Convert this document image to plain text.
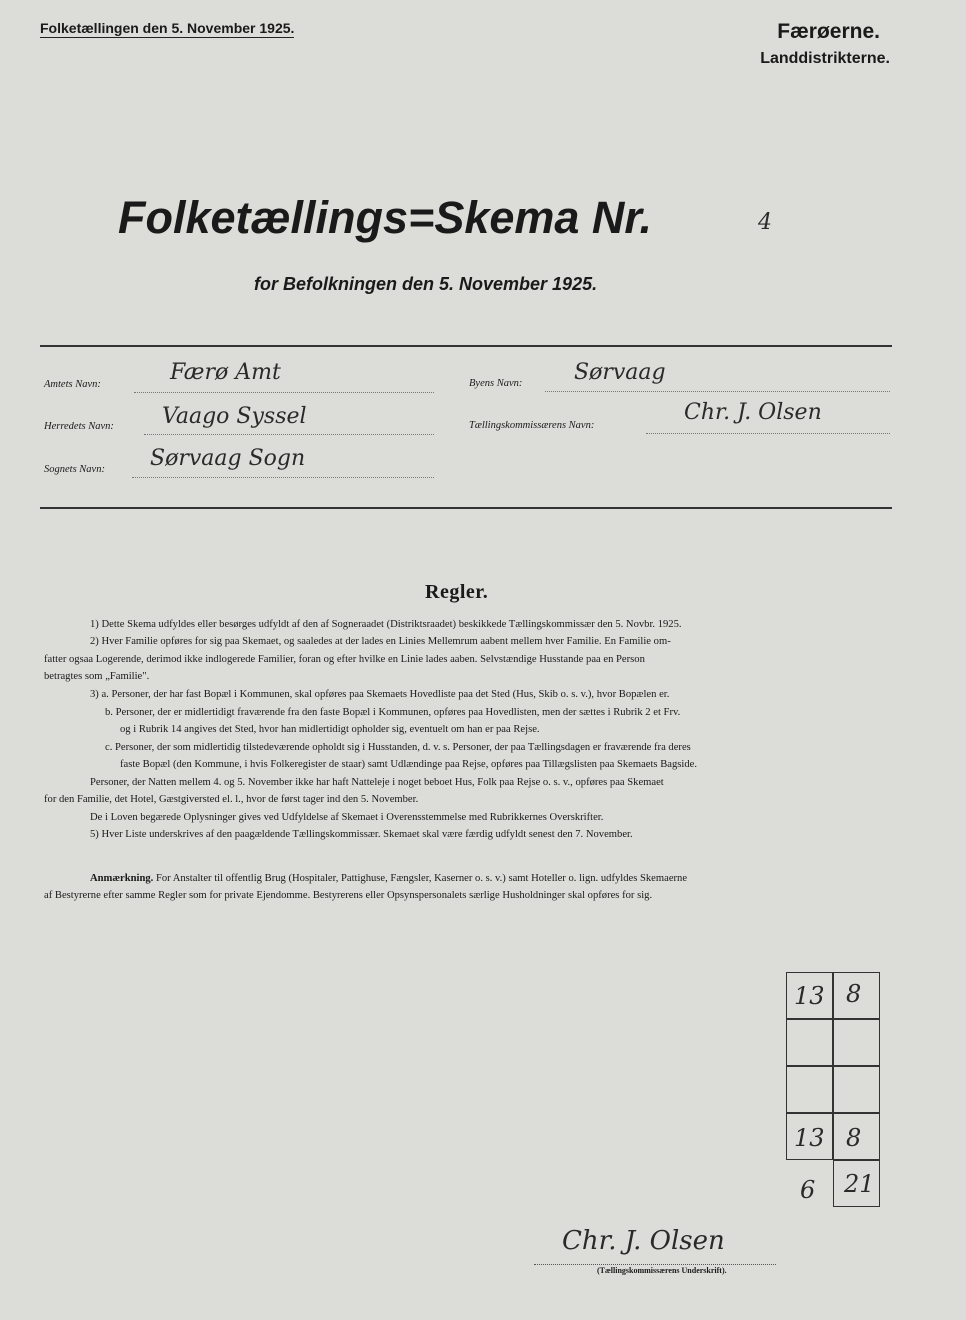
Folketællingen den 5. November 1925.	Færøerne.
Landdistrikterne.
Folketællings=Skema Nr.	4
for Befolkningen den 5. November 1925.
Amtets Navn:	Færø Amt
Herredets Navn: Vaago Syssel
Sognets Navn: Sørvaag Sogn
Byens Navn: Sørvaag
Tællingskommissærens Navn:
Chr. J. Olsen
Regler.
1) Dette Skema udfyldes eller besørges udfyldt af den af Sogneraadet (Distriktsraadet) beskikkede Tællingskommissær den 5. Novbr. 1925.
2) Hver Familie opføres for sig paa Skemaet, og saaledes at der lades en Linies Mellemrum aabent mellem hver Familie. En Familie om-
fatter ogsaa Logerende, derimod ikke indlogerede Familier, foran og efter hvilke en Linie lades aaben. Selvstændige Husstande paa en Person
betragtes som „Familie".
3) a. Personer, der har fast Bopæl i Kommunen, skal opføres paa Skemaets Hovedliste paa det Sted (Hus, Skib o. s. v.), hvor Bopælen er.
b. Personer, der er midlertidigt fraværende fra den faste Bopæl i Kommunen, opføres paa Hovedlisten, men der sættes i Rubrik 2 et Frv.
og i Rubrik 14 angives det Sted, hvor han midlertidigt opholder sig, eventuelt om han er paa Rejse.
c. Personer, der som midlertidig tilstedeværende opholdt sig i Husstanden, d. v. s. Personer, der paa Tællingsdagen er fraværende fra deres
faste Bopæl (den Kommune, i hvis Folkeregister de staar) samt Udlændinge paa Rejse, opføres paa Tillægslisten paa Skemaets Bagside.
Personer, der Natten mellem 4. og 5. November ikke har haft Natteleje i noget beboet Hus, Folk paa Rejse o. s. v., opføres paa Skemaet
for den Familie, det Hotel, Gæstgiversted el. l., hvor de først tager ind den 5. November.
De i Loven begærede Oplysninger gives ved Udfyldelse af Skemaet i Overensstemmelse med Rubrikkernes Overskrifter.
5) Hver Liste underskrives af den paagældende Tællingskommissær. Skemaet skal være færdig udfyldt senest den 7. November.
Anmærkning. For Anstalter til offentlig Brug (Hospitaler, Pattighuse, Fængsler, Kaserner o. s. v.) samt Hoteller o. lign. udfyldes Skemaerne
af Bestyrerne efter samme Regler som for private Ejendomme. Bestyrerens eller Opsynspersonalets særlige Husholdninger skal opføres for sig.
13 8
13 8
6 21
Chr. J. Olsen
(Tællingskommissærens Underskrift).
